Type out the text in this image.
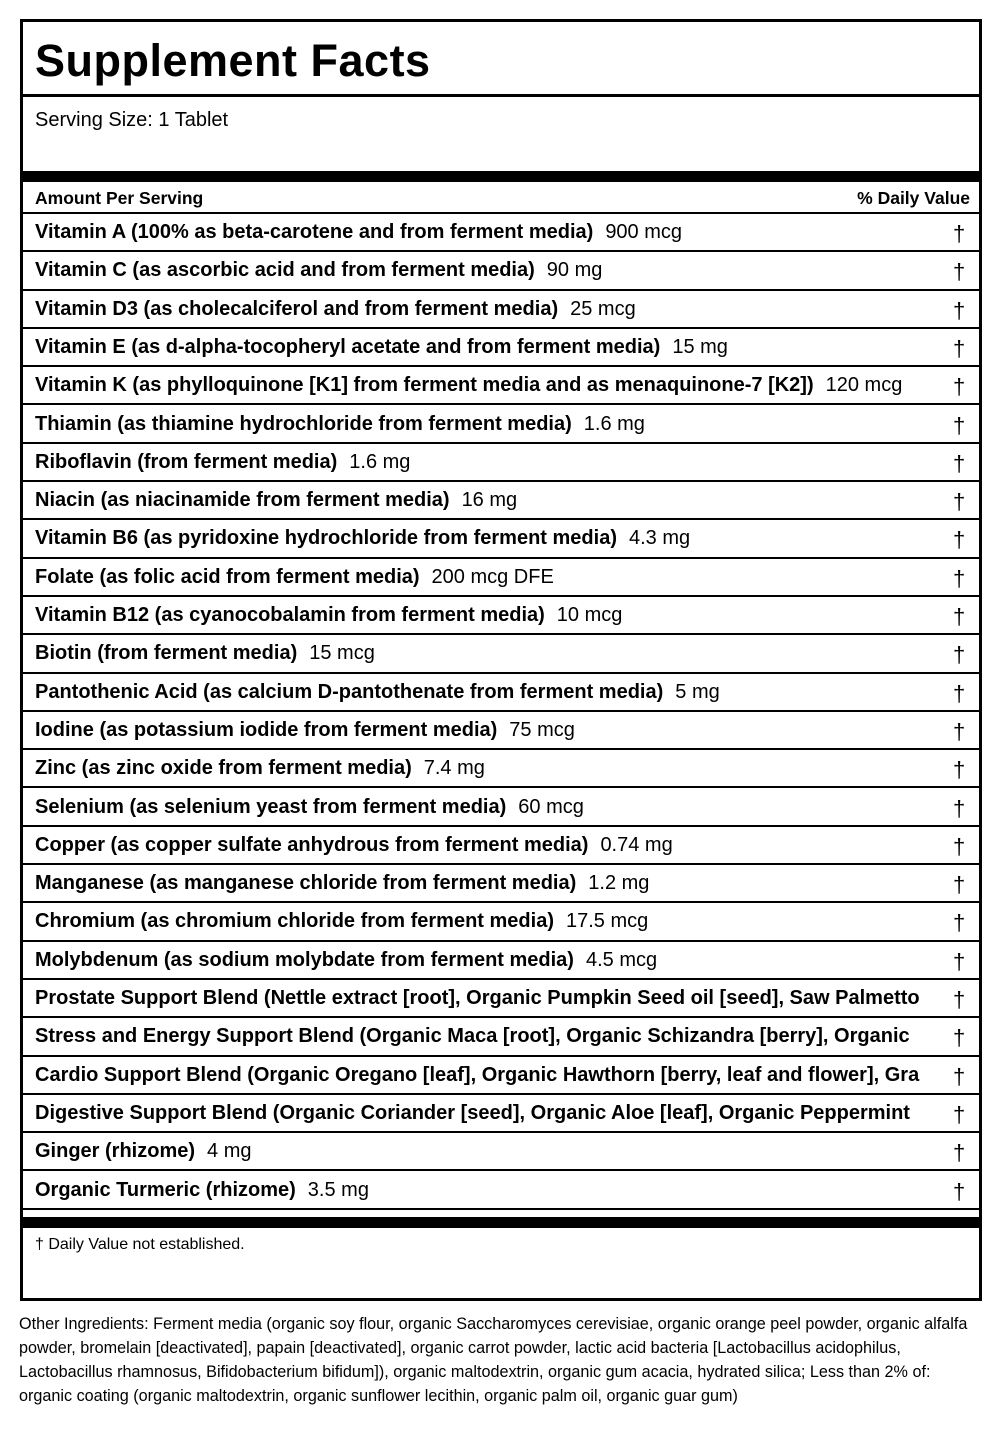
Supplement Facts
Serving Size: 1 Tablet
Amount Per Serving	% Daily Value
Vitamin A (100% as beta-carotene and from ferment media) 900 mcg	†
Vitamin C (as ascorbic acid and from ferment media) 90 mg	†
Vitamin D3 (as cholecalciferol and from ferment media) 25 mcg	†
Vitamin E (as d-alpha-tocopheryl acetate and from ferment media) 15 mg	†
Vitamin K (as phylloquinone [K1] from ferment media and as menaquinone-7 [K2]) 120 mcg †
Thiamin (as thiamine hydrochloride from ferment media) 1.6 mg	†
Riboflavin (from ferment media) 1.6 mg	†
Niacin (as niacinamide from ferment media) 16 mg	†
Vitamin B6 (as pyridoxine hydrochloride from ferment media) 4.3 mg	†
Folate (as folic acid from ferment media) 200 mcg DFE	†
Vitamin B12 (as cyanocobalamin from ferment media) 10 mcg	†
Biotin (from ferment media) 15 mcg	†
Pantothenic Acid (as calcium D-pantothenate from ferment media) 5 mg	†
Iodine (as potassium iodide from ferment media) 75 mcg	†
Zinc (as zinc oxide from ferment media) 7.4 mg	†
Selenium (as selenium yeast from ferment media) 60 mcg	†
Copper (as copper sulfate anhydrous from ferment media) 0.74 mg	†
Manganese (as manganese chloride from ferment media) 1.2 mg	†
Chromium (as chromium chloride from ferment media) 17.5 mcg	†
Molybdenum (as sodium molybdate from ferment media) 4.5 mcg	†
Prostate Support Blend (Nettle extract [root], Organic Pumpkin Seed oil [seed], Saw Palmetto †
Stress and Energy Support Blend (Organic Maca [root], Organic Schizandra [berry], Organic †
Cardio Support Blend (Organic Oregano [leaf], Organic Hawthorn [berry, leaf and flower], Gra †
Digestive Support Blend (Organic Coriander [seed], Organic Aloe [leaf], Organic Peppermint †
Ginger (rhizome) 4 mg	†
Organic Turmeric (rhizome) 3.5 mg	†
† Daily Value not established.
Other Ingredients: Ferment media (organic soy flour, organic Saccharomyces cerevisiae, organic orange peel powder, organic alfalfa powder, bromelain [deactivated], papain [deactivated], organic carrot powder, lactic acid bacteria [Lactobacillus acidophilus, Lactobacillus rhamnosus, Bifidobacterium bifidum]), organic maltodextrin, organic gum acacia, hydrated silica; Less than 2% of: organic coating (organic maltodextrin, organic sunflower lecithin, organic palm oil, organic guar gum)
